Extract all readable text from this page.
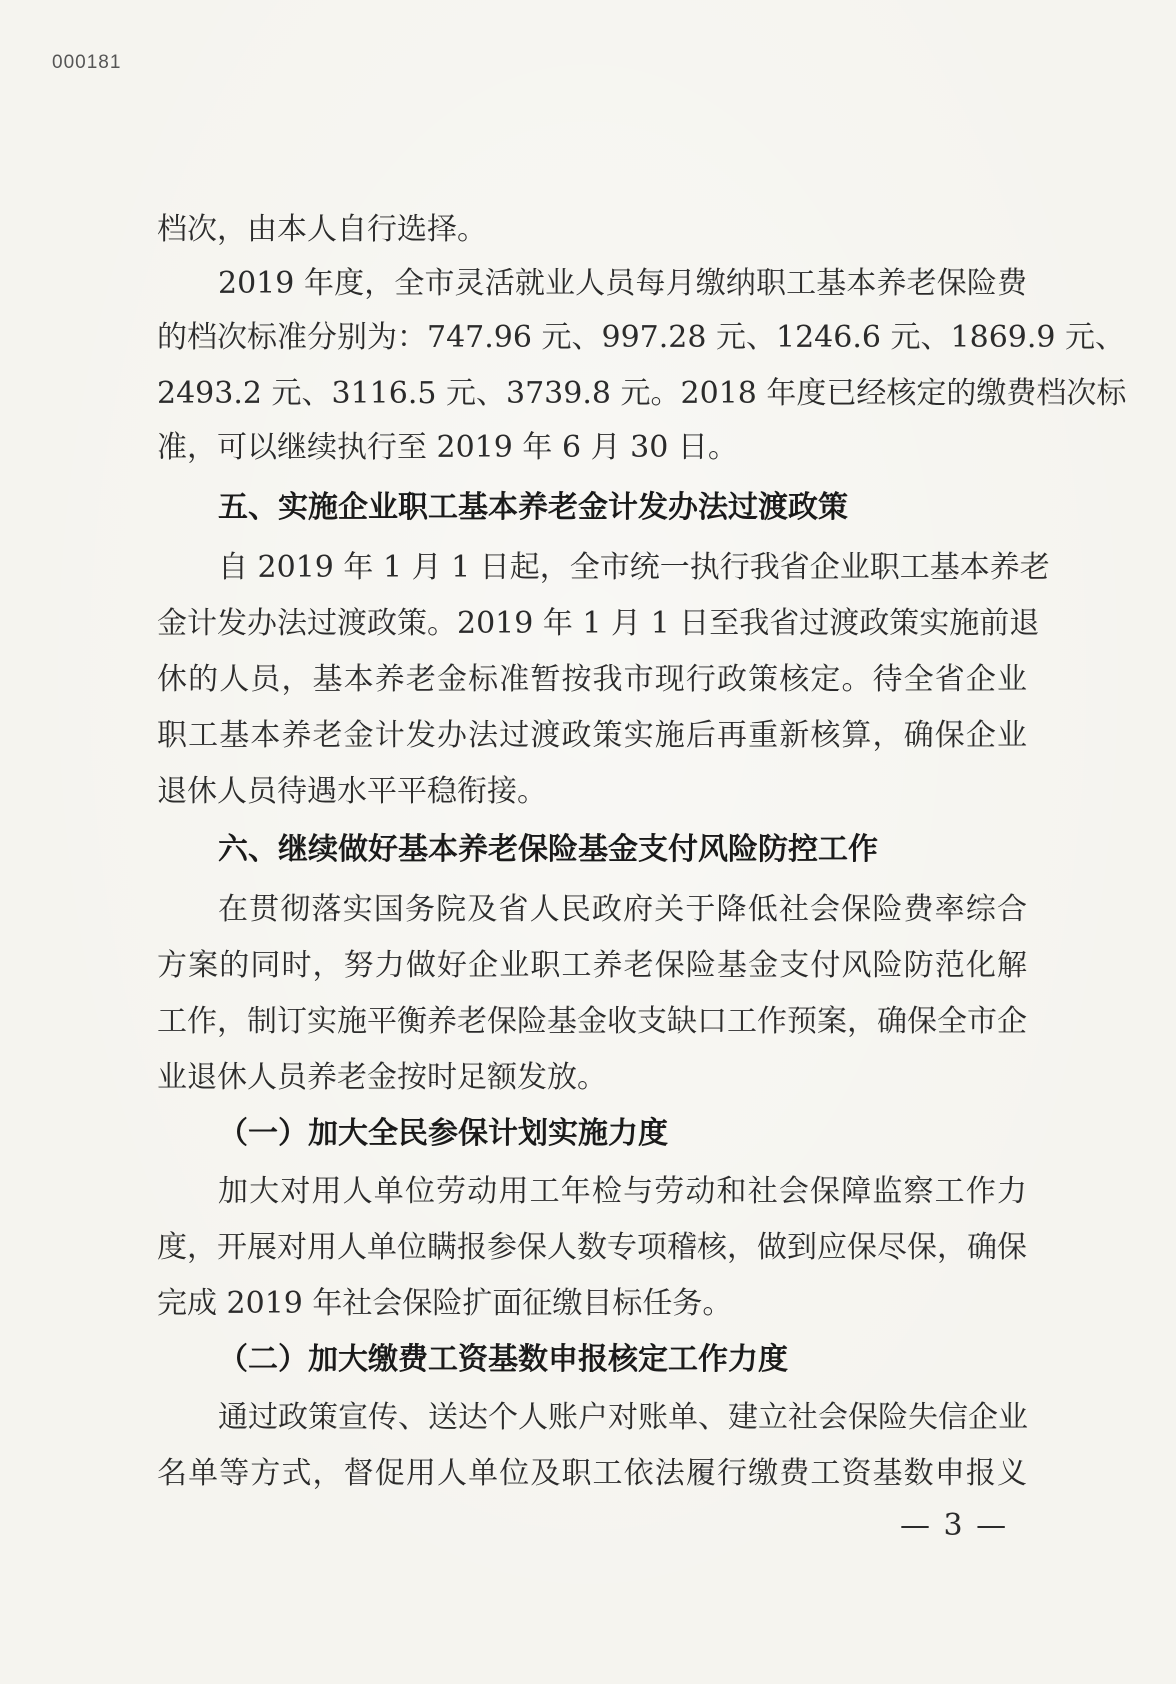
000181
档次，由本人自行选择。
2019 年度，全市灵活就业人员每月缴纳职工基本养老保险费
的档次标准分别为：747.96 元、997.28 元、1246.6 元、1869.9 元、
2493.2 元、3116.5 元、3739.8 元。2018 年度已经核定的缴费档次标
准，可以继续执行至 2019 年 6 月 30 日。
五、实施企业职工基本养老金计发办法过渡政策
自 2019 年 1 月 1 日起，全市统一执行我省企业职工基本养老
金计发办法过渡政策。2019 年 1 月 1 日至我省过渡政策实施前退
休的人员，基本养老金标准暂按我市现行政策核定。待全省企业
职工基本养老金计发办法过渡政策实施后再重新核算，确保企业
退休人员待遇水平平稳衔接。
六、继续做好基本养老保险基金支付风险防控工作
在贯彻落实国务院及省人民政府关于降低社会保险费率综合
方案的同时，努力做好企业职工养老保险基金支付风险防范化解
工作，制订实施平衡养老保险基金收支缺口工作预案，确保全市企
业退休人员养老金按时足额发放。
（一）加大全民参保计划实施力度
加大对用人单位劳动用工年检与劳动和社会保障监察工作力
度，开展对用人单位瞒报参保人数专项稽核，做到应保尽保，确保
完成 2019 年社会保险扩面征缴目标任务。
（二）加大缴费工资基数申报核定工作力度
通过政策宣传、送达个人账户对账单、建立社会保险失信企业
名单等方式，督促用人单位及职工依法履行缴费工资基数申报义
— 3 —
